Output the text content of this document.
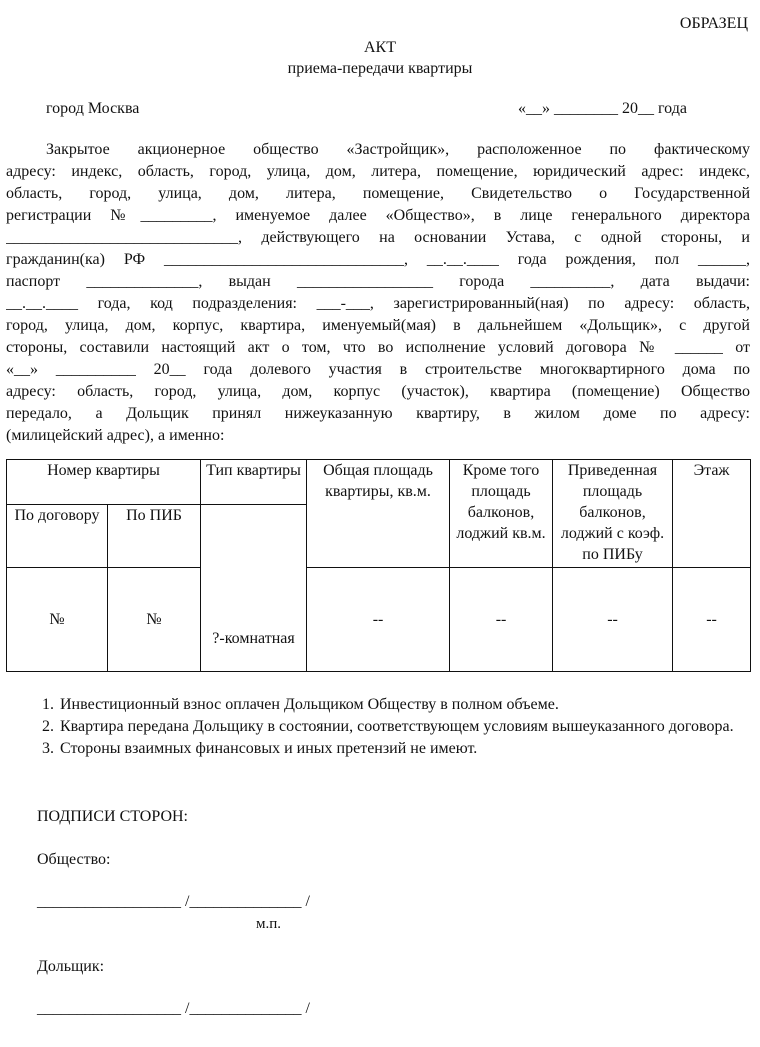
ОБРАЗЕЦ
АКТ
приема-передачи квартиры
город Москва	«__» ________ 20__ года
Закрытое акционерное общество «Застройщик», расположенное по фактическому
адресу: индекс, область, город, улица, дом, литера, помещение, юридический адрес: индекс,
область, город, улица, дом, литера, помещение, Свидетельство о Государственной
регистрации №_________, именуемое далее «Общество», в лице генерального директора
_____________________________, действующего на основании Устава, с одной стороны, и
гражданин(ка) РФ ______________________________, __.__.____ года рождения, пол ______,
паспорт ______________, выдан _________________ города __________, дата выдачи:
__.__.____ года, код подразделения: ___-___, зарегистрированный(ная) по адресу: область,
город, улица, дом, корпус, квартира, именуемый(мая) в дальнейшем «Дольщик», с другой
стороны, составили настоящий акт о том, что во исполнение условий договора № ______ от
«__» __________ 20__ года долевого участия в строительстве многоквартирного дома по
адресу: область, город, улица, дом, корпус (участок), квартира (помещение) Общество
передало, а Дольщик принял нижеуказанную квартиру, в жилом доме по адресу:
(милицейский адрес), а именно:
Номер квартиры		Тип квартиры	Общая площадь квартиры, кв.м.	Кроме того площадь балконов, лоджий кв.м.	Приведенная площадь балконов, лоджий с коэф. по ПИБу	Этаж
По договору	По ПИБ	?-комнатная				
№	№		--	--	--	--
1. Инвестиционный взнос оплачен Дольщиком Обществу в полном объеме.
2. Квартира передана Дольщику в состоянии, соответствующем условиям вышеуказанного договора.
3. Стороны взаимных финансовых и иных претензий не имеют.
ПОДПИСИ СТОРОН:
Общество:
__________________ /______________ /
м.п.
Дольщик:
__________________ /______________ /
